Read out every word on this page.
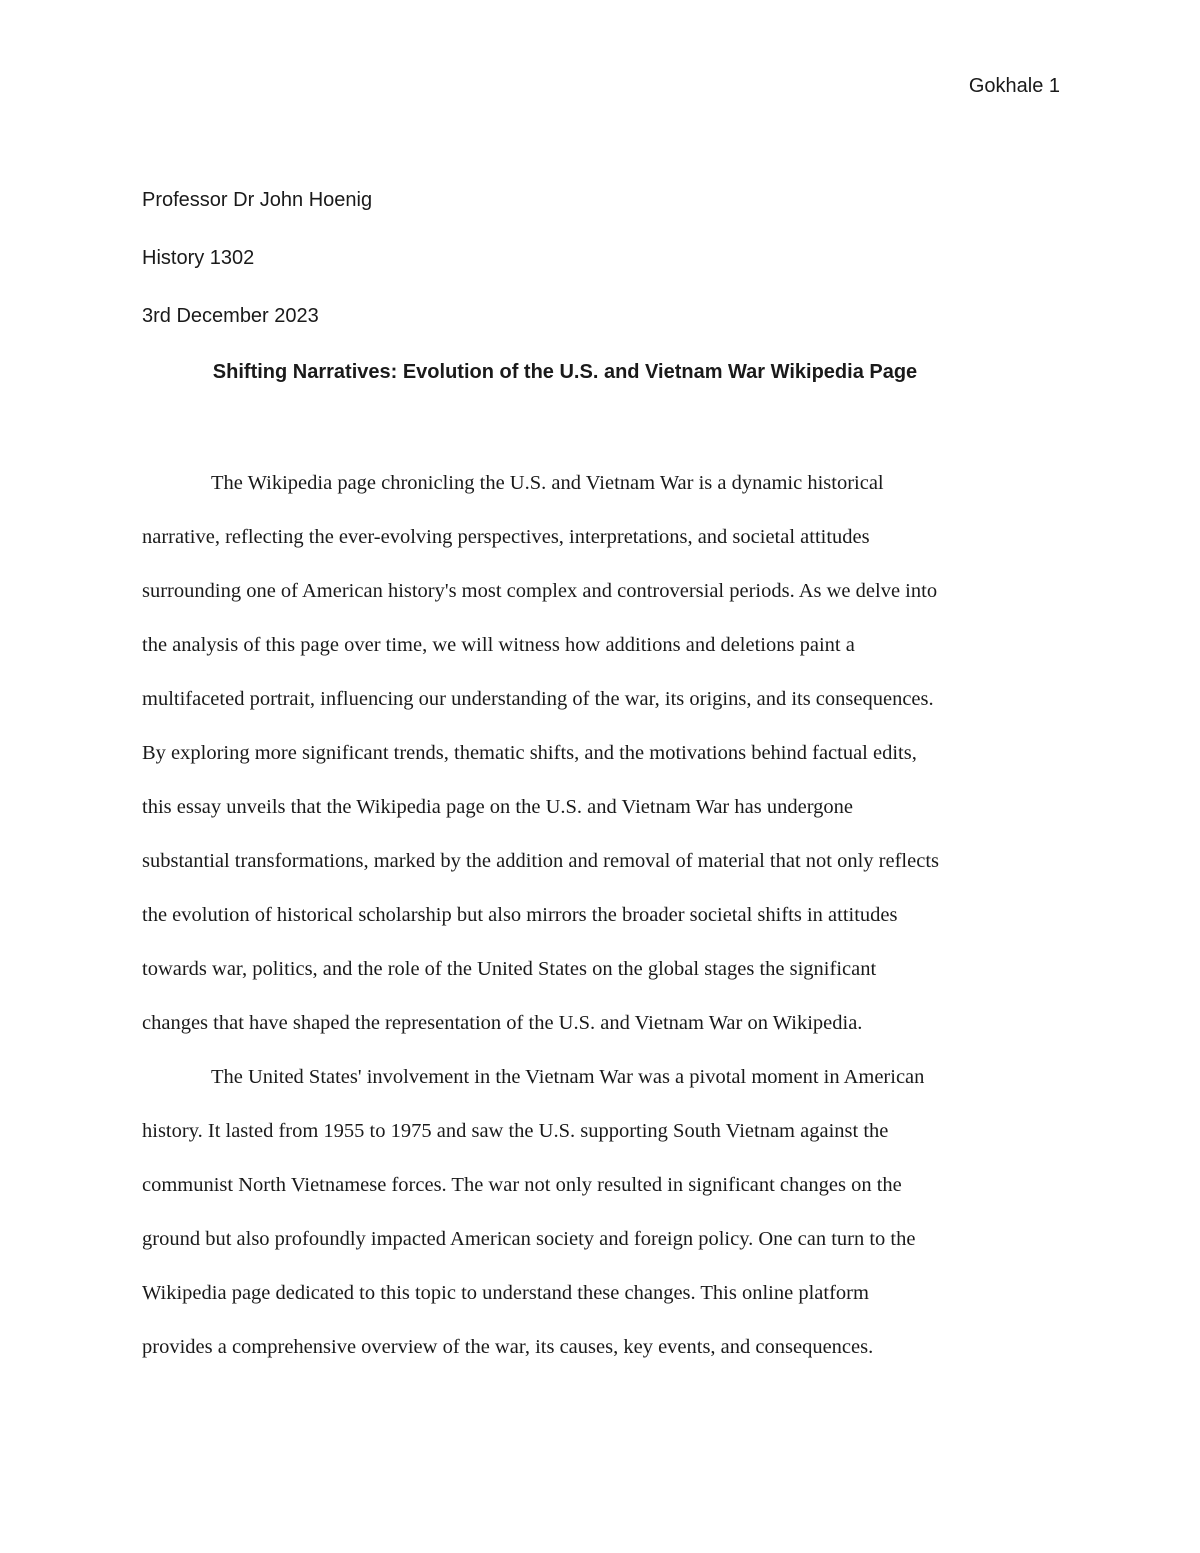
Gokhale 1
Professor Dr John Hoenig
History 1302
3rd December 2023
Shifting Narratives: Evolution of the U.S. and Vietnam War Wikipedia Page
The Wikipedia page chronicling the U.S. and Vietnam War is a dynamic historical
narrative, reflecting the ever-evolving perspectives, interpretations, and societal attitudes
surrounding one of American history's most complex and controversial periods. As we delve into
the analysis of this page over time, we will witness how additions and deletions paint a
multifaceted portrait, influencing our understanding of the war, its origins, and its consequences.
By exploring more significant trends, thematic shifts, and the motivations behind factual edits,
this essay unveils that the Wikipedia page on the U.S. and Vietnam War has undergone
substantial transformations, marked by the addition and removal of material that not only reflects
the evolution of historical scholarship but also mirrors the broader societal shifts in attitudes
towards war, politics, and the role of the United States on the global stages the significant
changes that have shaped the representation of the U.S. and Vietnam War on Wikipedia.
The United States' involvement in the Vietnam War was a pivotal moment in American
history. It lasted from 1955 to 1975 and saw the U.S. supporting South Vietnam against the
communist North Vietnamese forces. The war not only resulted in significant changes on the
ground but also profoundly impacted American society and foreign policy. One can turn to the
Wikipedia page dedicated to this topic to understand these changes. This online platform
provides a comprehensive overview of the war, its causes, key events, and consequences.
